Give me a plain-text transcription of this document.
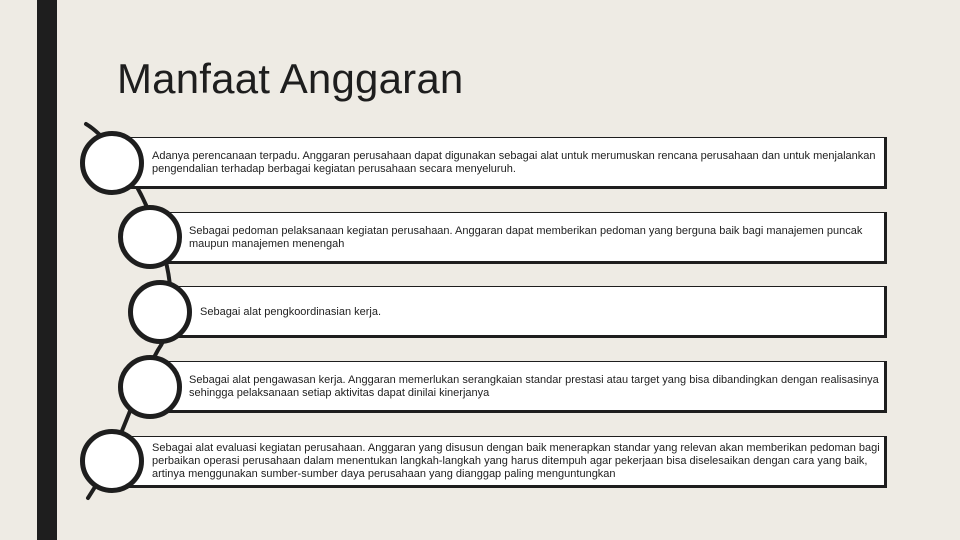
Manfaat Anggaran
Adanya perencanaan terpadu. Anggaran perusahaan dapat digunakan sebagai alat untuk merumuskan rencana perusahaan dan untuk menjalankan pengendalian terhadap berbagai kegiatan perusahaan secara menyeluruh.
Sebagai pedoman pelaksanaan kegiatan perusahaan. Anggaran dapat memberikan pedoman yang berguna baik bagi manajemen puncak maupun manajemen menengah
Sebagai alat pengkoordinasian kerja.
Sebagai alat pengawasan kerja. Anggaran memerlukan serangkaian standar prestasi atau target yang bisa dibandingkan dengan realisasinya sehingga pelaksanaan setiap aktivitas dapat dinilai kinerjanya
Sebagai alat evaluasi kegiatan perusahaan. Anggaran yang disusun dengan baik menerapkan standar yang relevan akan memberikan pedoman bagi perbaikan operasi perusahaan dalam menentukan langkah-langkah yang harus ditempuh agar pekerjaan bisa diselesaikan dengan cara yang baik, artinya menggunakan sumber-sumber daya perusahaan yang dianggap paling menguntungkan
